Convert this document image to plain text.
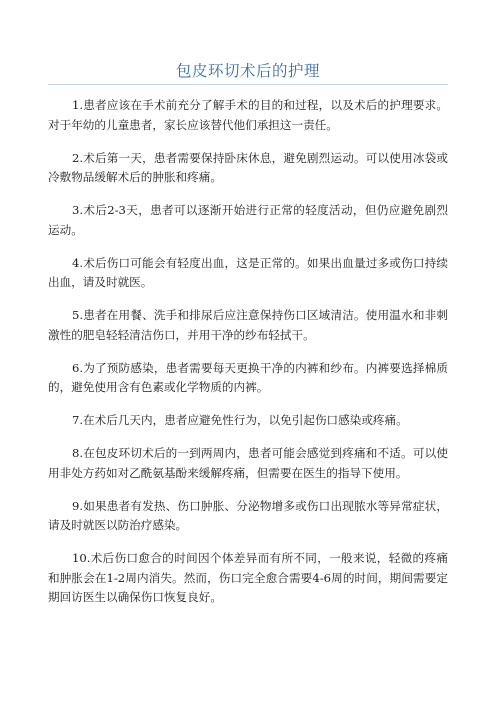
包皮环切术后的护理

1.患者应该在手术前充分了解手术的目的和过程，以及术后的护理要求。对于年幼的儿童患者，家长应该替代他们承担这一责任。

2.术后第一天，患者需要保持卧床休息，避免剧烈运动。可以使用冰袋或冷敷物品缓解术后的肿胀和疼痛。

3.术后2-3天，患者可以逐渐开始进行正常的轻度活动，但仍应避免剧烈运动。

4.术后伤口可能会有轻度出血，这是正常的。如果出血量过多或伤口持续出血，请及时就医。

5.患者在用餐、洗手和排尿后应注意保持伤口区域清洁。使用温水和非刺激性的肥皂轻轻清洁伤口，并用干净的纱布轻拭干。

6.为了预防感染，患者需要每天更换干净的内裤和纱布。内裤要选择棉质的，避免使用含有色素或化学物质的内裤。

7.在术后几天内，患者应避免性行为，以免引起伤口感染或疼痛。

8.在包皮环切术后的一到两周内，患者可能会感觉到疼痛和不适。可以使用非处方药如对乙酰氨基酚来缓解疼痛，但需要在医生的指导下使用。

9.如果患者有发热、伤口肿胀、分泌物增多或伤口出现脓水等异常症状，请及时就医以防治疗感染。

10.术后伤口愈合的时间因个体差异而有所不同，一般来说，轻微的疼痛和肿胀会在1-2周内消失。然而，伤口完全愈合需要4-6周的时间，期间需要定期回访医生以确保伤口恢复良好。
